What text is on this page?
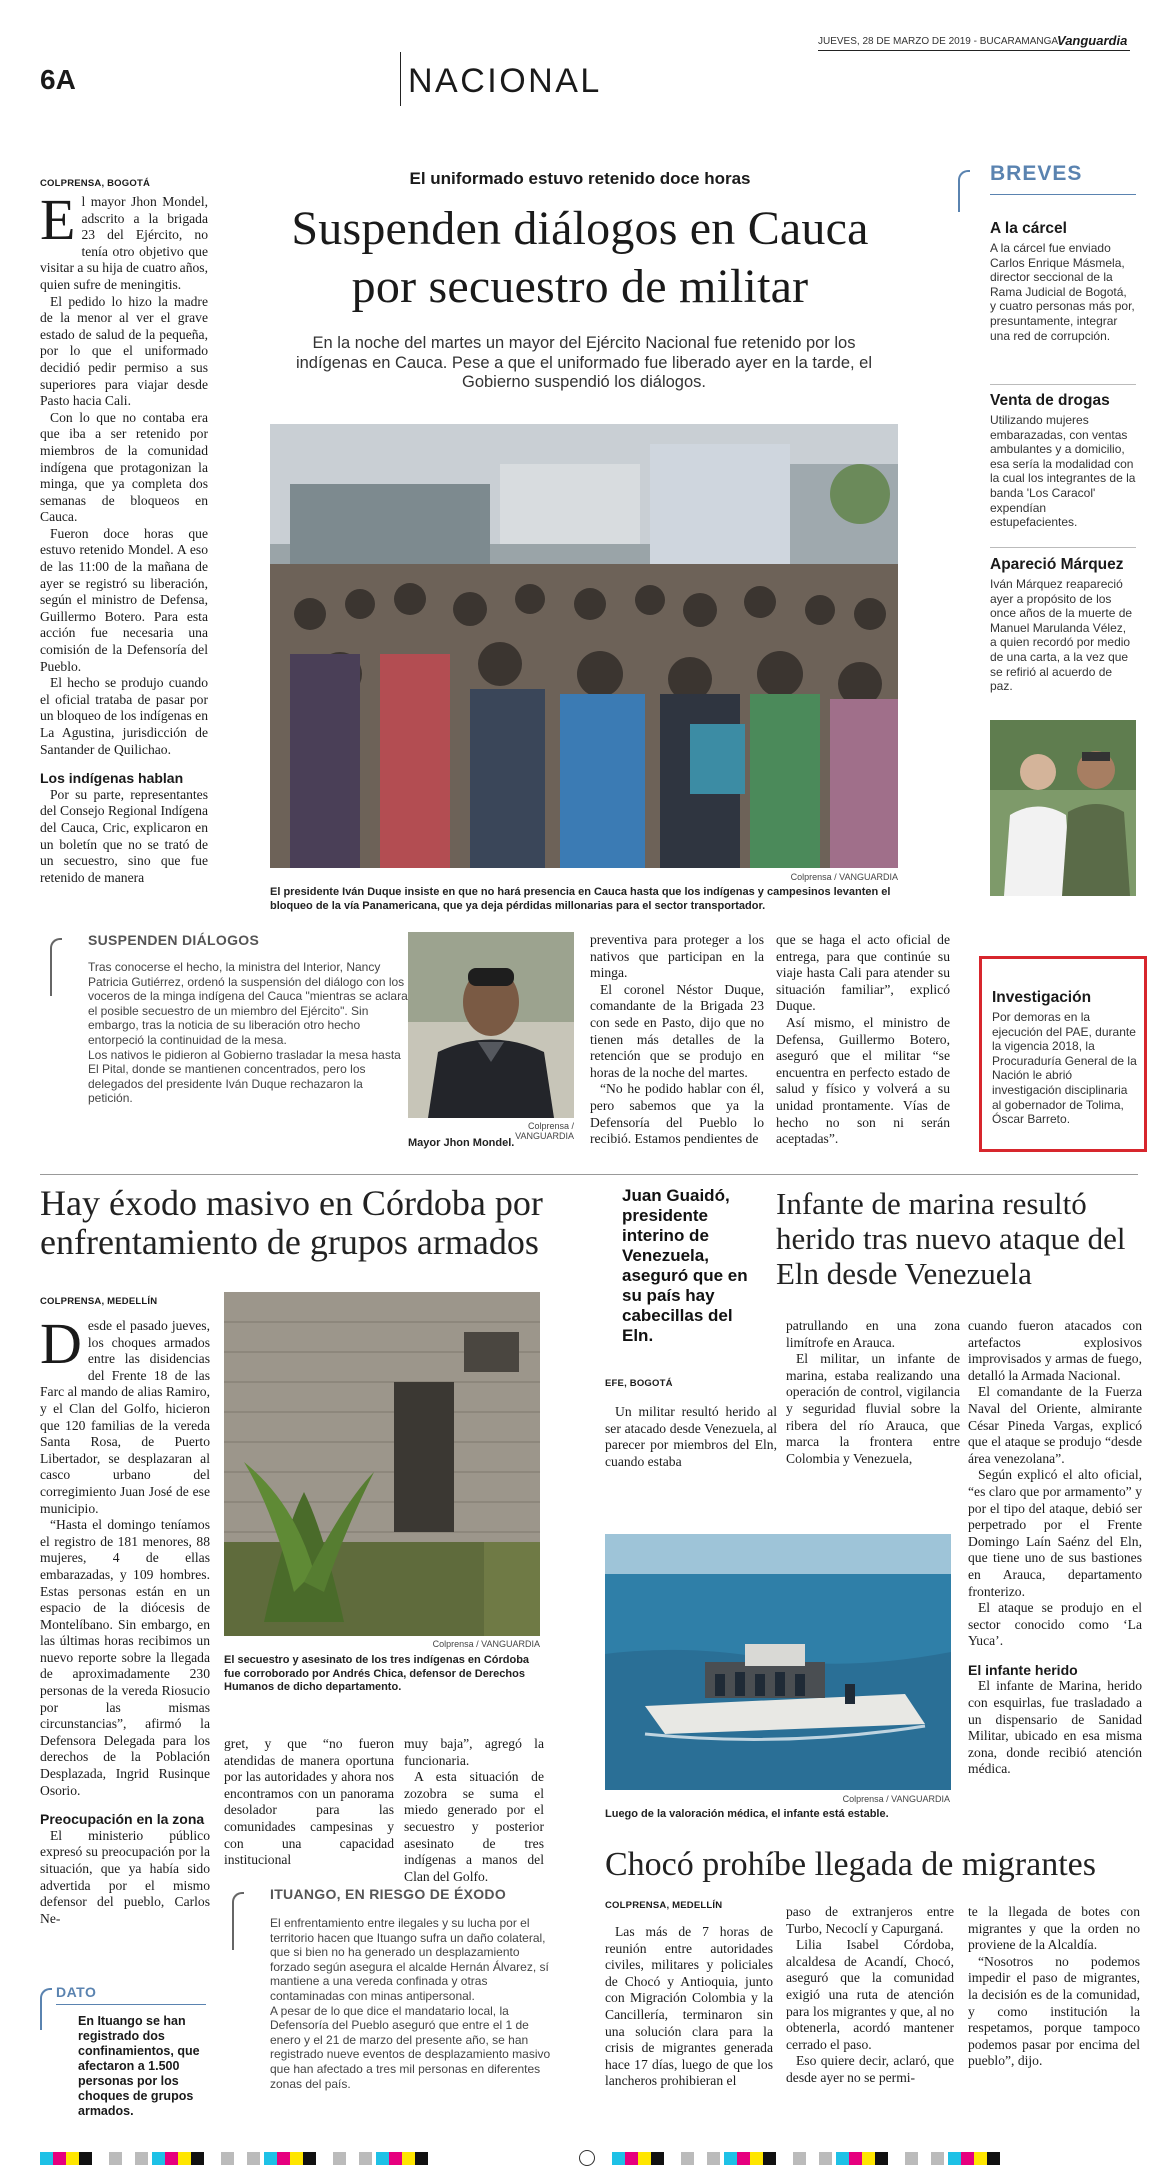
JUEVES, 28 DE MARZO DE 2019 - BUCARAMANGA
Vanguardia
6A	NACIONAL
COLPRENSA, BOGOTÁ

El mayor Jhon Mondel, adscrito a la brigada 23 del Ejército, no tenía otro objetivo que visitar a su hija de cuatro años, quien sufre de meningitis.

El pedido lo hizo la madre de la menor al ver el grave estado de salud de la pequeña, por lo que el uniformado decidió pedir permiso a sus superiores para viajar desde Pasto hacia Cali.

Con lo que no contaba era que iba a ser retenido por miembros de la comunidad indígena que protagonizan la minga, que ya completa dos semanas de bloqueos en Cauca.

Fueron doce horas que estuvo retenido Mondel. A eso de las 11:00 de la mañana de ayer se registró su liberación, según el ministro de Defensa, Guillermo Botero. Para esta acción fue necesaria una comisión de la Defensoría del Pueblo.

El hecho se produjo cuando el oficial trataba de pasar por un bloqueo de los indígenas en La Agustina, jurisdicción de Santander de Quilichao.

Los indígenas hablan

Por su parte, representantes del Consejo Regional Indígena del Cauca, Cric, explicaron en un boletín que no se trató de un secuestro, sino que fue retenido de manera

El uniformado estuvo retenido doce horas
Suspenden diálogos en Cauca
por secuestro de militar
En la noche del martes un mayor del Ejército Nacional fue retenido por los indígenas en Cauca. Pese a que el uniformado fue liberado ayer en la tarde, el Gobierno suspendió los diálogos.
Colprensa / VANGUARDIA
El presidente Iván Duque insiste en que no hará presencia en Cauca hasta que los indígenas y campesinos levanten el bloqueo de la vía Panamericana, que ya deja pérdidas millonarias para el sector transportador.
SUSPENDEN DIÁLOGOS
Tras conocerse el hecho, la ministra del Interior, Nancy Patricia Gutiérrez, ordenó la suspensión del diálogo con los voceros de la minga indígena del Cauca "mientras se aclara el posible secuestro de un miembro del Ejército". Sin embargo, tras la noticia de su liberación otro hecho entorpeció la continuidad de la mesa.
Los nativos le pidieron al Gobierno trasladar la mesa hasta El Pital, donde se mantienen concentrados, pero los delegados del presidente Iván Duque rechazaron la petición.
Colprensa / VANGUARDIA
Mayor Jhon Mondel.

preventiva para proteger a los nativos que participan en la minga.

El coronel Néstor Duque, comandante de la Brigada 23 con sede en Pasto, dijo que no tienen más detalles de la retención que se produjo en horas de la noche del martes.

“No he podido hablar con él, pero sabemos que ya la Defensoría del Pueblo lo recibió. Estamos pendientes de

que se haga el acto oficial de entrega, para que continúe su viaje hasta Cali para atender su situación familiar”, explicó Duque.

Así mismo, el ministro de Defensa, Guillermo Botero, aseguró que el militar “se encuentra en perfecto estado de salud y físico y volverá a su unidad prontamente. Vías de hecho no son ni serán aceptadas”.

BREVES
A la cárcel
A la cárcel fue enviado Carlos Enrique Másmela, director seccional de la Rama Judicial de Bogotá, y cuatro personas más por, presuntamente, integrar una red de corrupción.
Venta de drogas
Utilizando mujeres embarazadas, con ventas ambulantes y a domicilio, esa sería la modalidad con la cual los integrantes de la banda 'Los Caracol' expendían estupefacientes.
Apareció Márquez
Iván Márquez reapareció ayer a propósito de los once años de la muerte de Manuel Marulanda Vélez, a quien recordó por medio de una carta, a la vez que se refirió al acuerdo de paz.
Investigación
Por demoras en la ejecución del PAE, durante la vigencia 2018, la Procuraduría General de la Nación le abrió investigación disciplinaria al gobernador de Tolima, Óscar Barreto.
Hay éxodo masivo en Córdoba por enfrentamiento de grupos armados
COLPRENSA, MEDELLÍN

Desde el pasado jueves, los choques armados entre las disidencias del Frente 18 de las Farc al mando de alias Ramiro, y el Clan del Golfo, hicieron que 120 familias de la vereda Santa Rosa, de Puerto Libertador, se desplazaran al casco urbano del corregimiento Juan José de ese municipio.

“Hasta el domingo teníamos el registro de 181 menores, 88 mujeres, 4 de ellas embarazadas, y 109 hombres. Estas personas están en un espacio de la diócesis de Montelíbano. Sin embargo, en las últimas horas recibimos un nuevo reporte sobre la llegada de aproximadamente 230 personas de la vereda Riosucio por las mismas circunstancias”, afirmó la Defensora Delegada para los derechos de la Población Desplazada, Ingrid Rusinque Osorio.

Preocupación en la zona

El ministerio público expresó su preocupación por la situación, que ya había sido advertida por el mismo defensor del pueblo, Carlos Ne-

Colprensa / VANGUARDIA
El secuestro y asesinato de los tres indígenas en Córdoba fue corroborado por Andrés Chica, defensor de Derechos Humanos de dicho departamento.

gret, y que “no fueron atendidas de manera oportuna por las autoridades y ahora nos encontramos con un panorama desolador para las comunidades campesinas y con una capacidad institucional

muy baja”, agregó la funcionaria.

A esta situación de zozobra se suma el miedo generado por el secuestro y posterior asesinato de tres indígenas a manos del Clan del Golfo.

ITUANGO, EN RIESGO DE ÉXODO
El enfrentamiento entre ilegales y su lucha por el territorio hacen que Ituango sufra un daño colateral, que si bien no ha generado un desplazamiento forzado según asegura el alcalde Hernán Álvarez, sí mantiene a una vereda confinada y otras contaminadas con minas antipersonal.
A pesar de lo que dice el mandatario local, la Defensoría del Pueblo aseguró que entre el 1 de enero y el 21 de marzo del presente año, se han registrado nueve eventos de desplazamiento masivo que han afectado a tres mil personas en diferentes zonas del país.
DATO
En Ituango se han registrado dos confinamientos, que afectaron a 1.500 personas por los choques de grupos armados.
Juan Guaidó, presidente interino de Venezuela, aseguró que en su país hay cabecillas del Eln.
Infante de marina resultó herido tras nuevo ataque del Eln desde Venezuela
EFE, BOGOTÁ

Un militar resultó herido al ser atacado desde Venezuela, al parecer por miembros del Eln, cuando estaba

patrullando en una zona limítrofe en Arauca.

El militar, un infante de marina, estaba realizando una operación de control, vigilancia y seguridad fluvial sobre la ribera del río Arauca, que marca la frontera entre Colombia y Venezuela,

cuando fueron atacados con artefactos explosivos improvisados y armas de fuego, detalló la Armada Nacional.

El comandante de la Fuerza Naval del Oriente, almirante César Pineda Vargas, explicó que el ataque se produjo “desde área venezolana”.

Según explicó el alto oficial, “es claro que por armamento” y por el tipo del ataque, debió ser perpetrado por el Frente Domingo Laín Saénz del Eln, que tiene uno de sus bastiones en Arauca, departamento fronterizo.

El ataque se produjo en el sector conocido como ‘La Yuca’.

El infante herido

El infante de Marina, herido con esquirlas, fue trasladado a un dispensario de Sanidad Militar, ubicado en esa misma zona, donde recibió atención médica.

Colprensa / VANGUARDIA
Luego de la valoración médica, el infante está estable.
Chocó prohíbe llegada de migrantes
COLPRENSA, MEDELLÍN

Las más de 7 horas de reunión entre autoridades civiles, militares y policiales de Chocó y Antioquia, junto con Migración Colombia y la Cancillería, terminaron sin una solución clara para la crisis de migrantes generada hace 17 días, luego de que los lancheros prohibieran el

paso de extranjeros entre Turbo, Necoclí y Capurganá.

Lilia Isabel Córdoba, alcaldesa de Acandí, Chocó, aseguró que la comunidad exigió una ruta de atención para los migrantes y que, al no obtenerla, acordó mantener cerrado el paso.

Eso quiere decir, aclaró, que desde ayer no se permi-

te la llegada de botes con migrantes y que la orden no proviene de la Alcaldía.

“Nosotros no podemos impedir el paso de migrantes, la decisión es de la comunidad, y como institución la respetamos, porque tampoco podemos pasar por encima del pueblo”, dijo.
